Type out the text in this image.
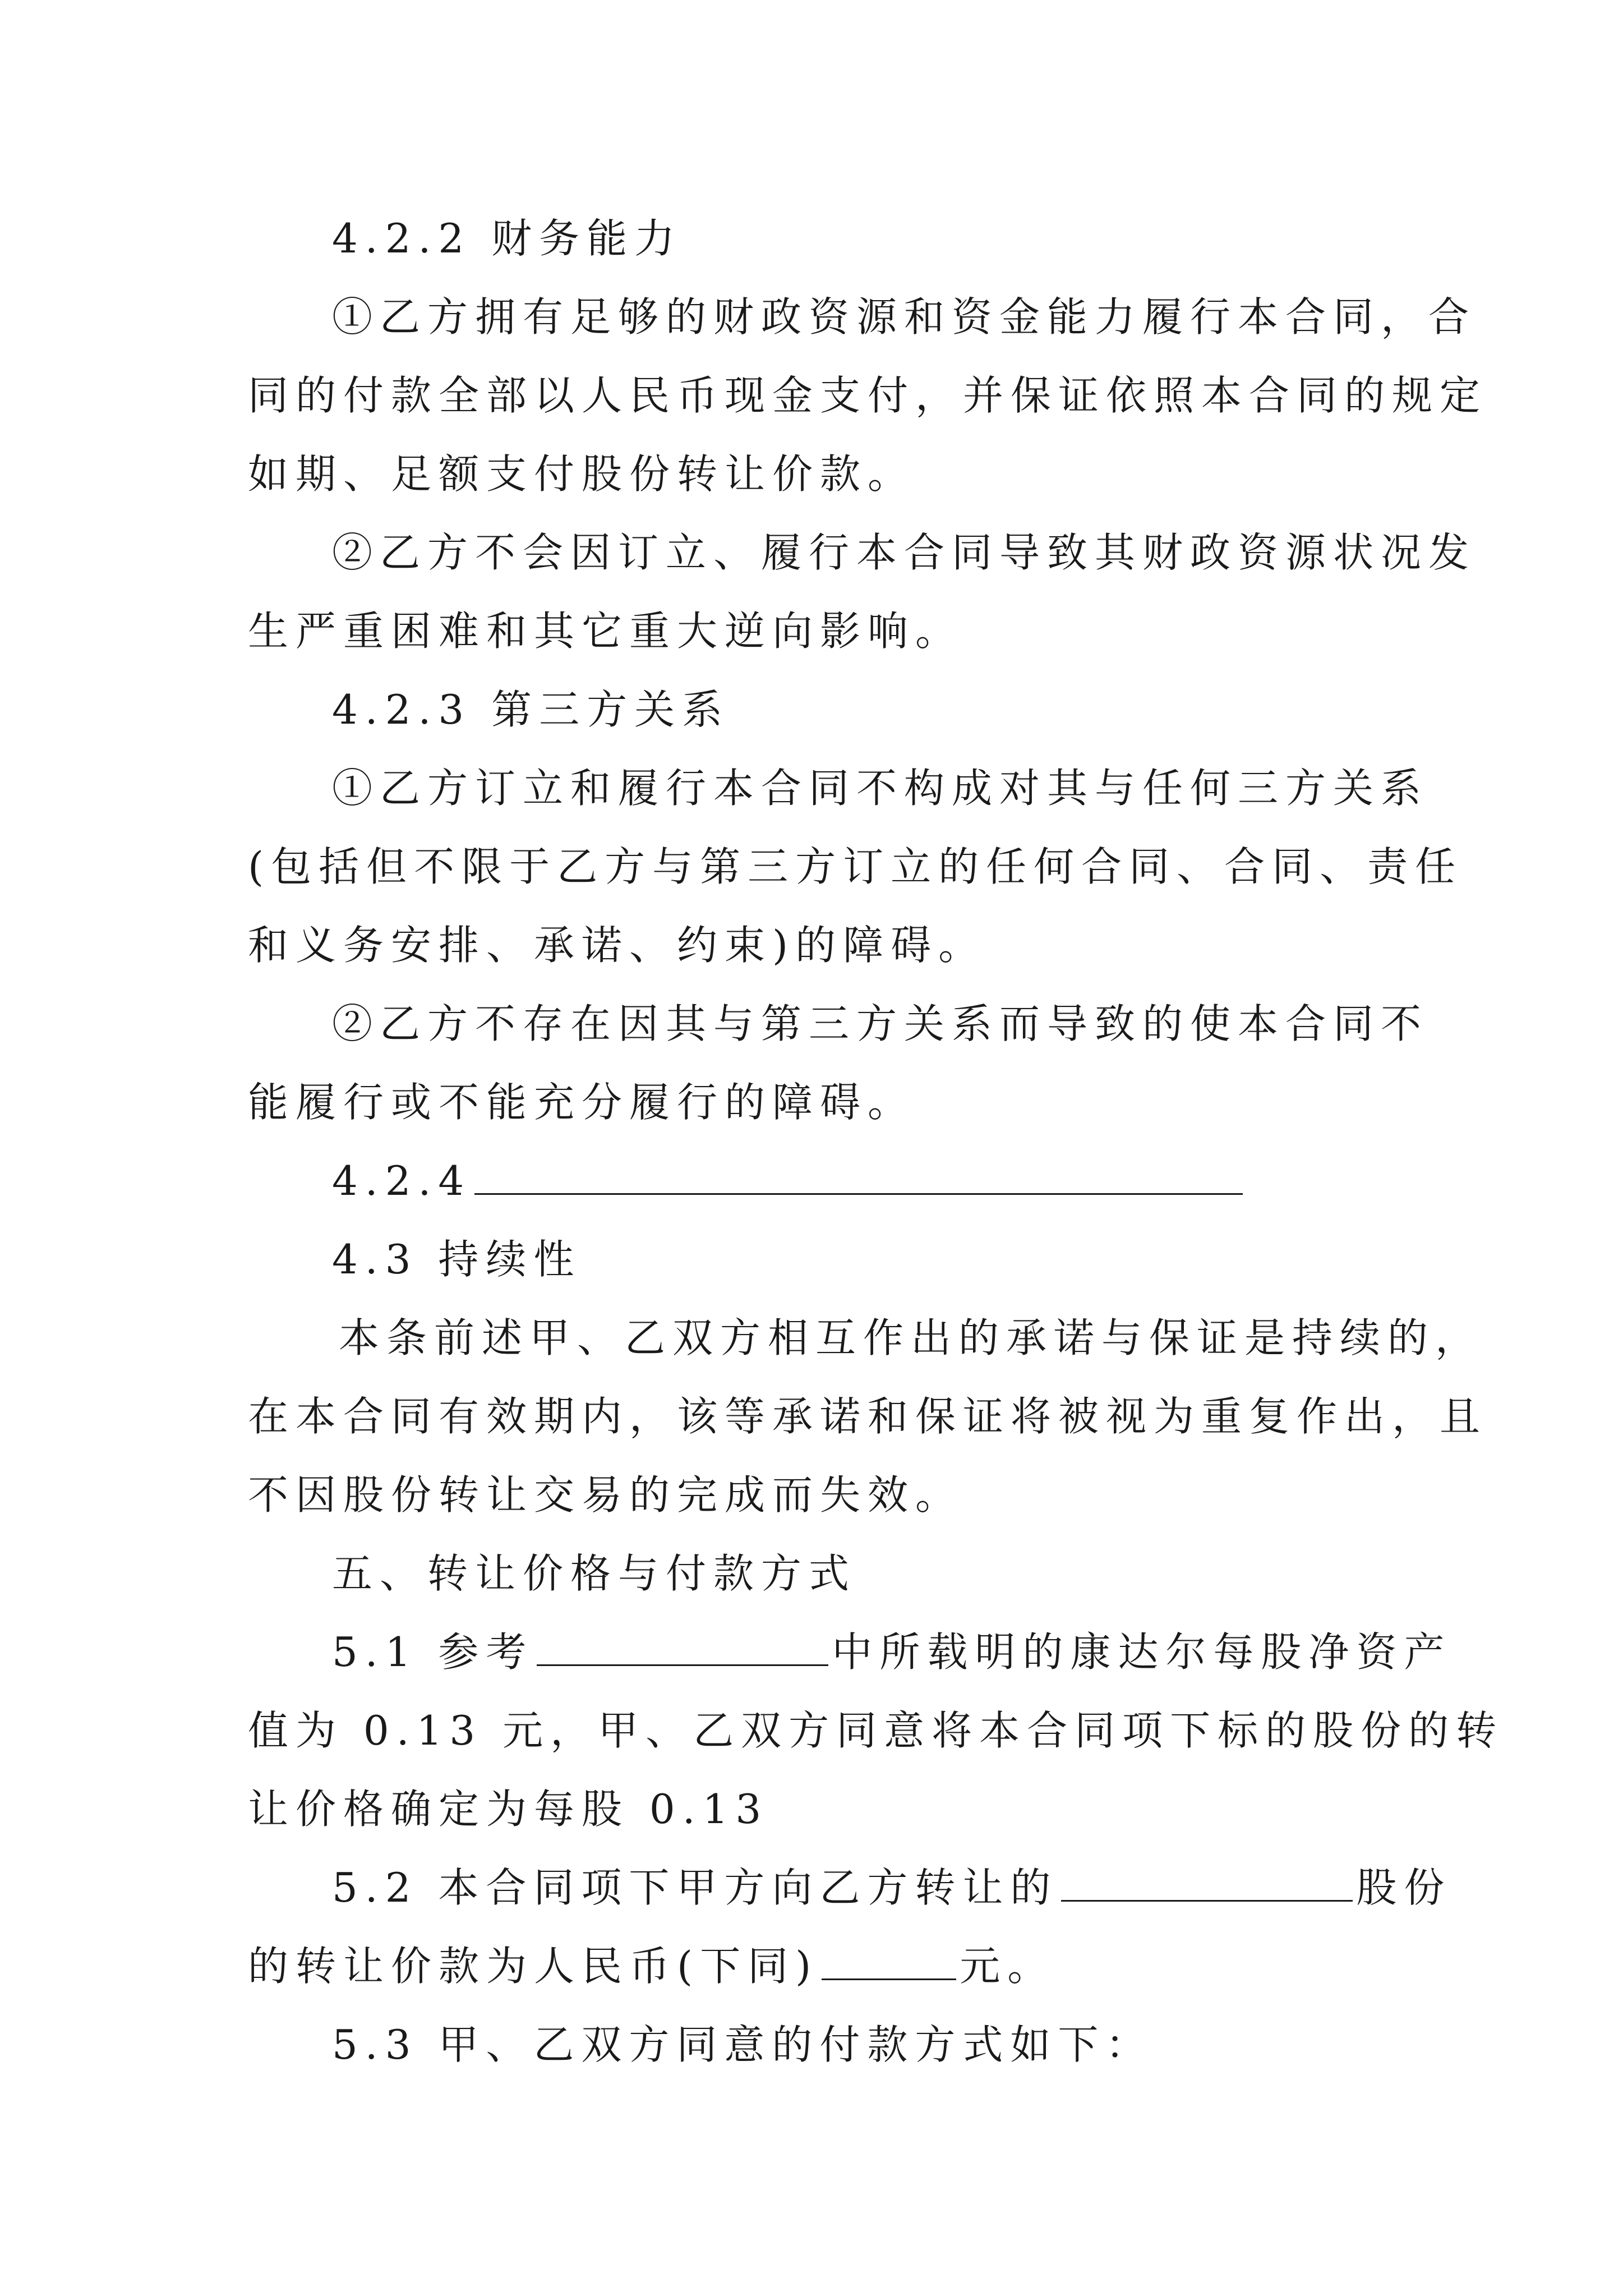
4.2.2 财务能力
①乙方拥有足够的财政资源和资金能力履行本合同，合
同的付款全部以人民币现金支付，并保证依照本合同的规定
如期、足额支付股份转让价款。
②乙方不会因订立、履行本合同导致其财政资源状况发
生严重困难和其它重大逆向影响。
4.2.3 第三方关系
①乙方订立和履行本合同不构成对其与任何三方关系
(包括但不限于乙方与第三方订立的任何合同、合同、责任
和义务安排、承诺、约束)的障碍。
②乙方不存在因其与第三方关系而导致的使本合同不
能履行或不能充分履行的障碍。
4.2.4
4.3 持续性
本条前述甲、乙双方相互作出的承诺与保证是持续的，
在本合同有效期内，该等承诺和保证将被视为重复作出，且
不因股份转让交易的完成而失效。
五、转让价格与付款方式
5.1 参考	中所载明的康达尔每股净资产
值为 0.13 元，甲、乙双方同意将本合同项下标的股份的转
让价格确定为每股 0.13
5.2 本合同项下甲方向乙方转让的	股份
的转让价款为人民币(下同)	元。
5.3 甲、乙双方同意的付款方式如下：
